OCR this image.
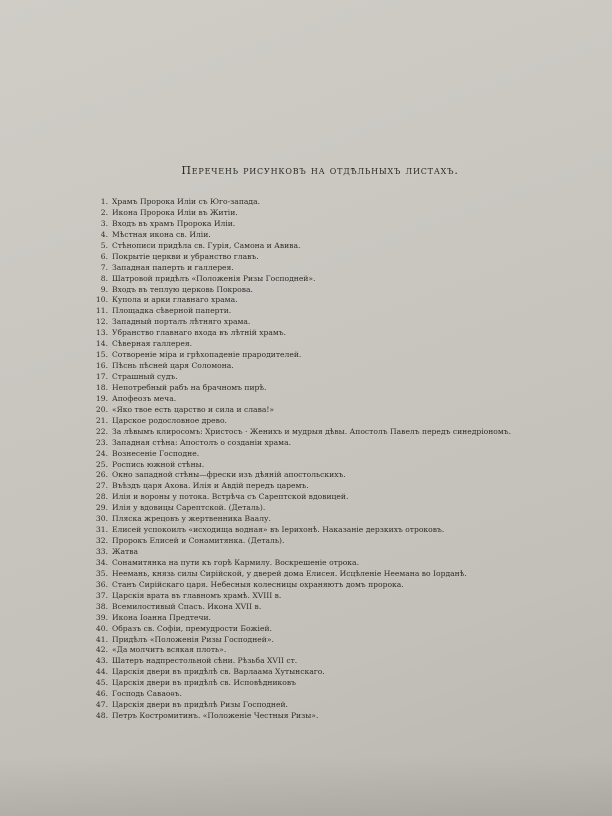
Перечень рисунковъ на отдѣльныхъ листахъ.
1. Храмъ Пророка Иліи съ Юго-запада.
2. Икона Пророка Иліи въ Житіи.
3. Входъ въ храмъ Пророка Иліи.
4. Мѣстная икона св. Иліи.
5. Стѣнописи придѣла св. Гурія, Самона и Авива.
6. Покрытіе церкви и убранство главъ.
7. Западная паперть и галлерея.
8. Шатровой придѣлъ «Положенія Ризы Господней».
9. Входъ въ теплую церковь Покрова.
10. Купола и арки главнаго храма.
11. Площадка сѣверной паперти.
12. Западный порталъ лѣтняго храма.
13. Убранство главнаго входа въ лѣтній храмъ.
14. Сѣверная галлерея.
15. Сотвореніе міра и грѣхопаденіе прародителей.
16. Пѣснь пѣсней царя Соломона.
17. Страшный судъ.
18. Непотребный рабъ на брачномъ пирѣ.
19. Апофеозъ меча.
20. «Яко твое есть царство и сила и слава!»
21. Царское родословное древо.
22. За лѣвымъ клиросомъ: Христосъ · Женихъ и мудрыя дѣвы. Апостолъ Павелъ передъ синедріономъ.
23. Западная стѣна: Апостолъ о созданіи храма.
24. Вознесеніе Господне.
25. Роспись южной стѣны.
26. Окно западной стѣны—фрески изъ дѣяній апостольскихъ.
27. Въѣздъ царя Ахова. Илія и Авдій передъ царемъ.
28. Илія и вороны у потока. Встрѣча съ Сарептской вдовицей.
29. Илія у вдовицы Сарептской. (Деталь).
30. Пляска жрецовъ у жертвенника Ваалу.
31. Елисей успокоилъ «исходища водная» въ Іерихонѣ. Наказаніе дерзкихъ отроковъ.
32. Пророкъ Елисей и Сонамитянка. (Деталь).
33. Жатва
34. Сонамитянка на пути къ горѣ Кармилу. Воскрешеніе отрока.
35. Неемань, князь силы Сирійской, у дверей дома Елисея. Исцѣленіе Неемана во Іорданѣ.
36. Станъ Сирійскаго царя. Небесныя колесницы охраняютъ домъ пророка.
37. Царскія врата въ главномъ храмѣ. XVIII в.
38. Всемилостивый Спасъ. Икона XVII в.
39. Икона Іоанна Предтечи.
40. Образъ св. Софіи, премудрости Божіей.
41. Придѣлъ «Положенія Ризы Господней».
42. «Да молчитъ всякая плоть».
43. Шатеръ надпрестольной сѣни. Рѣзьба XVII ст.
44. Царскія двери въ придѣлѣ св. Варлаама Хутынскаго.
45. Царскія двери въ придѣлѣ св. Исповѣдниковъ
46. Господь Саваоѳъ.
47. Царскія двери въ придѣлѣ Ризы Господней.
48. Петръ Костромитинъ. «Положеніе Честныя Ризы».
